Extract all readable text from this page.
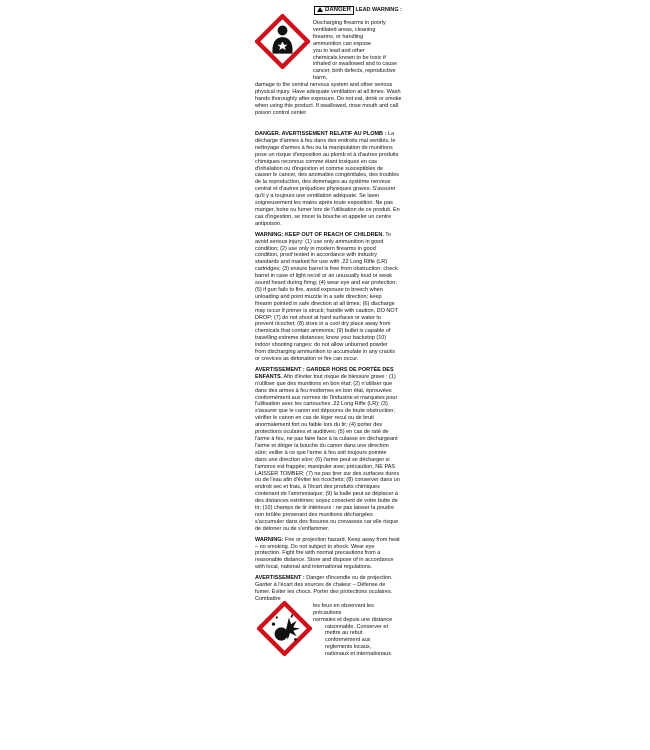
DANGER LEAD WARNING :
Discharging firearms in poorly
ventilated areas, cleaning
firearms, or handling
ammunition can expose
you to lead and other
chemicals known to be toxic if
inhaled or swallowed and to cause
cancer, birth defects, reproductive harm,
damage to the central nervous system and other serious physical injury. Have adequate ventilation at all times. Wash hands thoroughly after exposure. Do not eat, drink or smoke when using this product. If swallowed, rinse mouth and call poison control center.

DANGER. AVERTISSEMENT RELATIF AU PLOMB : La décharge d'armes à feu dans des endroits mal ventilés, le nettoyage d'armes à feu ou la manipulation de munitions pose un risque d'exposition au plomb et à d'autres produits chimiques reconnus comme étant toxiques en cas d'inhalation ou d'ingestion et comme susceptibles de causer le cancer, des anomalies congénitales, des troubles de la reproduction, des dommages au système nerveux central et d'autres préjudices physiques graves. S'assurer qu'il y a toujours une ventilation adéquate. Se laver soigneusement les mains après toute exposition. Ne pas manger, boire ou fumer lors de l'utilisation de ce produit. En cas d'ingestion, se rincer la bouche et appeler un centre antipoison.

WARNING: KEEP OUT OF REACH OF CHILDREN. To avoid serious injury: (1) use only ammunition in good condition; (2) use only in modern firearms in good condition, proof tested in accordance with industry standards and marked for use with .22 Long Rifle (LR) cartridges; (3) ensure barrel is free from obstruction; check barrel in case of light recoil or an unusually loud or weak sound heard during firing; (4) wear eye and ear protection; (5) if gun fails to fire, avoid exposure to breech when unloading and point muzzle in a safe direction; keep firearm pointed in safe direction at all times; (6) discharge may occur if primer is struck; handle with caution, DO NOT DROP; (7) do not shoot at hard surfaces or water to prevent ricochet; (8) store in a cool dry place away from chemicals that contain ammonia; (9) bullet is capable of travelling extreme distances; know your backstop (10) indoor shooting ranges: do not allow unburned powder from discharging ammunition to accumulate in any cracks or crevices as detonation or fire can occur.

AVERTISSEMENT : GARDER HORS DE PORTÉE DES ENFANTS. Afin d'éviter tout risque de blessure grave : (1) n'utiliser que des munitions en bon état; (2) n'utiliser que dans des armes à feu modernes en bon état, éprouvées conformément aux normes de l'industrie et marquées pour l'utilisation avec les cartouches .22 Long Rifle (LR); (3) s'assurer que le canon est dépourvu de toute obstruction; vérifier le canon en cas de léger recul ou de bruit anormalement fort ou faible lors du tir; (4) porter des protections oculaires et auditives; (5) en cas de raté de l'arme à feu, ne pas faire face à la culasse en déchargeant l'arme et diriger la bouche du canon dans une direction sûre; veiller à ce que l'arme à feu soit toujours pointée dans une direction sûre; (6) l'arme peut se décharger si l'amorce est frappée; manipuler avec précaution, NE PAS LAISSER TOMBER; (7) ne pas tirer sur des surfaces dures ou de l'eau afin d'éviter les ricochets; (8) conserver dans un endroit sec et frais, à l'écart des produits chimiques contenant de l'ammoniaque; (9) la balle peut se déplacer à des distances extrêmes; soyez conscient de votre butte de tir; (10) champs de tir intérieurs : ne pas laisser la poudre non brûlée provenant des munitions déchargées s'accumuler dans des fissures ou crevasses car elle risque de détoner ou de s'enflammer.

WARNING: Fire or projection hazard. Keep away from heat – no smoking. Do not subject to shock. Wear eye protection. Fight fire with normal precautions from a reasonable distance. Store and dispose of in accordance with local, national and international regulations.

AVERTISSEMENT : Danger d'incendie ou de projection. Garder à l'écart des sources de chaleur – Défense de fumer. Éviter les chocs. Porter des protections oculaires. Combattre
les feux en observant les précautions
normales et depuis une distance
raisonnable. Conserver et
mettre au rebut
conformément aux
reglements locaux,
nationaux et internationaux.
